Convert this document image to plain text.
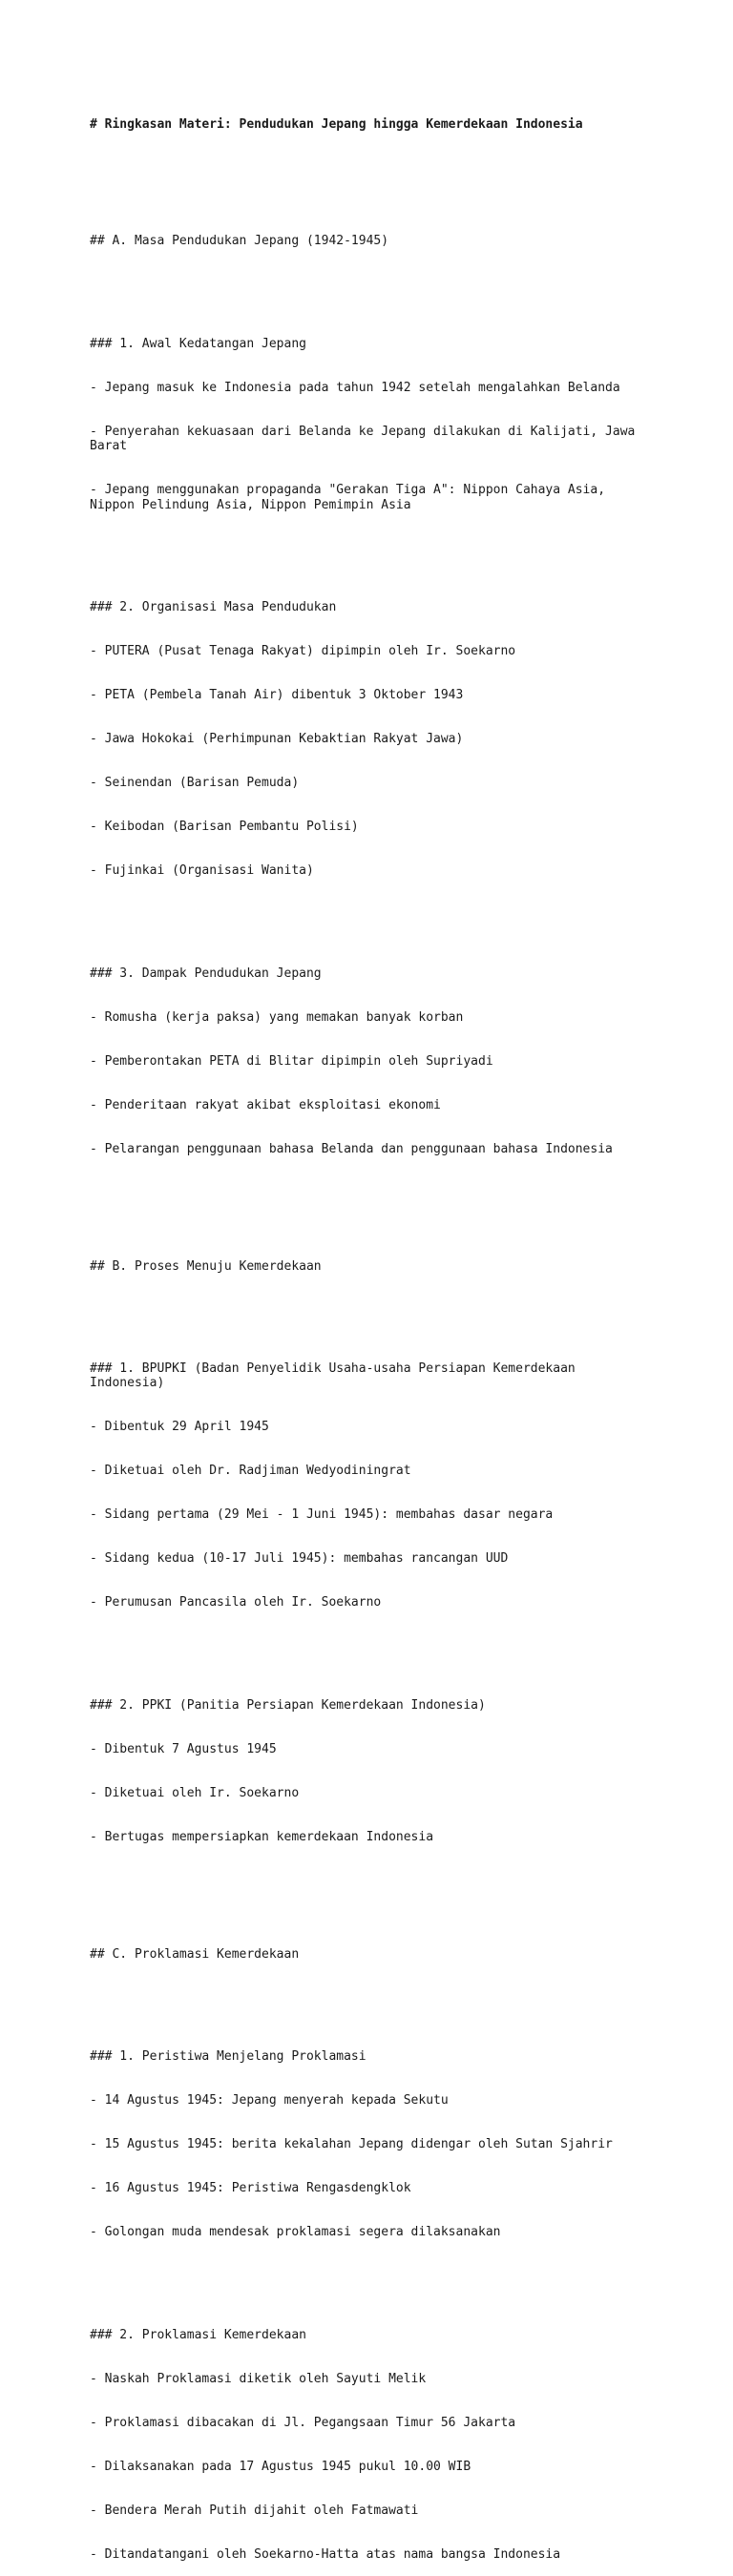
# Ringkasan Materi: Pendudukan Jepang hingga Kemerdekaan Indonesia

## A. Masa Pendudukan Jepang (1942-1945)

### 1. Awal Kedatangan Jepang

- Jepang masuk ke Indonesia pada tahun 1942 setelah mengalahkan Belanda

- Penyerahan kekuasaan dari Belanda ke Jepang dilakukan di Kalijati, Jawa Barat

- Jepang menggunakan propaganda "Gerakan Tiga A": Nippon Cahaya Asia, Nippon Pelindung Asia, Nippon Pemimpin Asia

### 2. Organisasi Masa Pendudukan

- PUTERA (Pusat Tenaga Rakyat) dipimpin oleh Ir. Soekarno

- PETA (Pembela Tanah Air) dibentuk 3 Oktober 1943

- Jawa Hokokai (Perhimpunan Kebaktian Rakyat Jawa)

- Seinendan (Barisan Pemuda)

- Keibodan (Barisan Pembantu Polisi)

- Fujinkai (Organisasi Wanita)

### 3. Dampak Pendudukan Jepang

- Romusha (kerja paksa) yang memakan banyak korban

- Pemberontakan PETA di Blitar dipimpin oleh Supriyadi

- Penderitaan rakyat akibat eksploitasi ekonomi

- Pelarangan penggunaan bahasa Belanda dan penggunaan bahasa Indonesia

## B. Proses Menuju Kemerdekaan

### 1. BPUPKI (Badan Penyelidik Usaha-usaha Persiapan Kemerdekaan Indonesia)

- Dibentuk 29 April 1945

- Diketuai oleh Dr. Radjiman Wedyodiningrat

- Sidang pertama (29 Mei - 1 Juni 1945): membahas dasar negara

- Sidang kedua (10-17 Juli 1945): membahas rancangan UUD

- Perumusan Pancasila oleh Ir. Soekarno

### 2. PPKI (Panitia Persiapan Kemerdekaan Indonesia)

- Dibentuk 7 Agustus 1945

- Diketuai oleh Ir. Soekarno

- Bertugas mempersiapkan kemerdekaan Indonesia

## C. Proklamasi Kemerdekaan

### 1. Peristiwa Menjelang Proklamasi

- 14 Agustus 1945: Jepang menyerah kepada Sekutu

- 15 Agustus 1945: berita kekalahan Jepang didengar oleh Sutan Sjahrir

- 16 Agustus 1945: Peristiwa Rengasdengklok

- Golongan muda mendesak proklamasi segera dilaksanakan

### 2. Proklamasi Kemerdekaan

- Naskah Proklamasi diketik oleh Sayuti Melik

- Proklamasi dibacakan di Jl. Pegangsaan Timur 56 Jakarta

- Dilaksanakan pada 17 Agustus 1945 pukul 10.00 WIB

- Bendera Merah Putih dijahit oleh Fatmawati

- Ditandatangani oleh Soekarno-Hatta atas nama bangsa Indonesia
